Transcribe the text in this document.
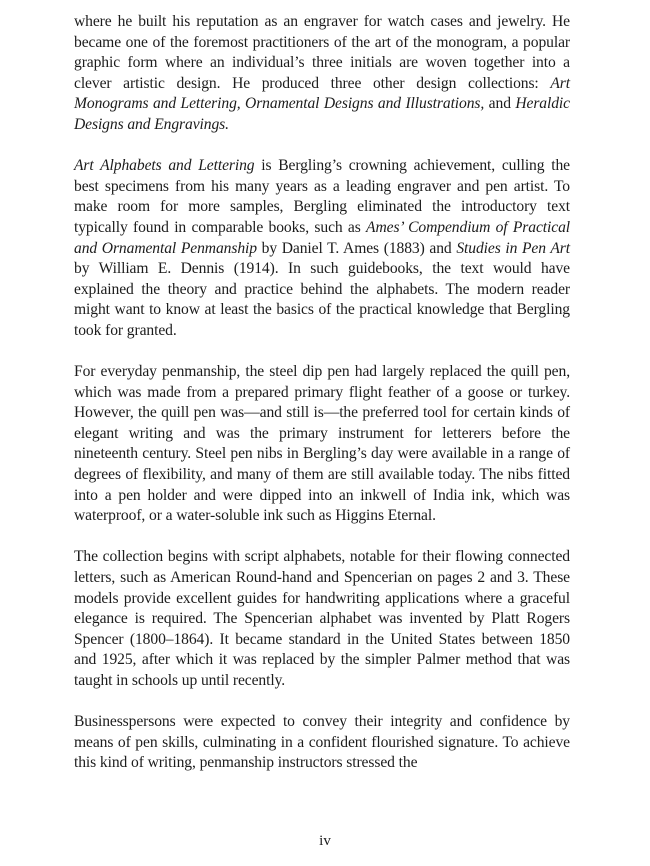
where he built his reputation as an engraver for watch cases and jewelry. He became one of the foremost practitioners of the art of the monogram, a popular graphic form where an individual’s three initials are woven together into a clever artistic design. He produced three other design collections: Art Monograms and Lettering, Ornamental Designs and Illustrations, and Heraldic Designs and Engravings.

Art Alphabets and Lettering is Bergling’s crowning achievement, culling the best specimens from his many years as a leading engraver and pen artist. To make room for more samples, Bergling eliminated the introductory text typically found in comparable books, such as Ames’ Compendium of Practical and Ornamental Penmanship by Daniel T. Ames (1883) and Studies in Pen Art by William E. Dennis (1914). In such guidebooks, the text would have explained the theory and practice behind the alphabets. The modern reader might want to know at least the basics of the practical knowledge that Bergling took for granted.

For everyday penmanship, the steel dip pen had largely replaced the quill pen, which was made from a prepared primary flight feather of a goose or turkey. However, the quill pen was—and still is—the preferred tool for certain kinds of elegant writing and was the primary instrument for letterers before the nineteenth century. Steel pen nibs in Bergling’s day were available in a range of degrees of flexibility, and many of them are still available today. The nibs fitted into a pen holder and were dipped into an inkwell of India ink, which was waterproof, or a water-soluble ink such as Higgins Eternal.

The collection begins with script alphabets, notable for their flowing connected letters, such as American Round-hand and Spencerian on pages 2 and 3. These models provide excellent guides for handwriting applications where a graceful elegance is required. The Spencerian alphabet was invented by Platt Rogers Spencer (1800–1864). It became standard in the United States between 1850 and 1925, after which it was replaced by the simpler Palmer method that was taught in schools up until recently.

Businesspersons were expected to convey their integrity and confidence by means of pen skills, culminating in a confident flourished signature. To achieve this kind of writing, penmanship instructors stressed the

iv
